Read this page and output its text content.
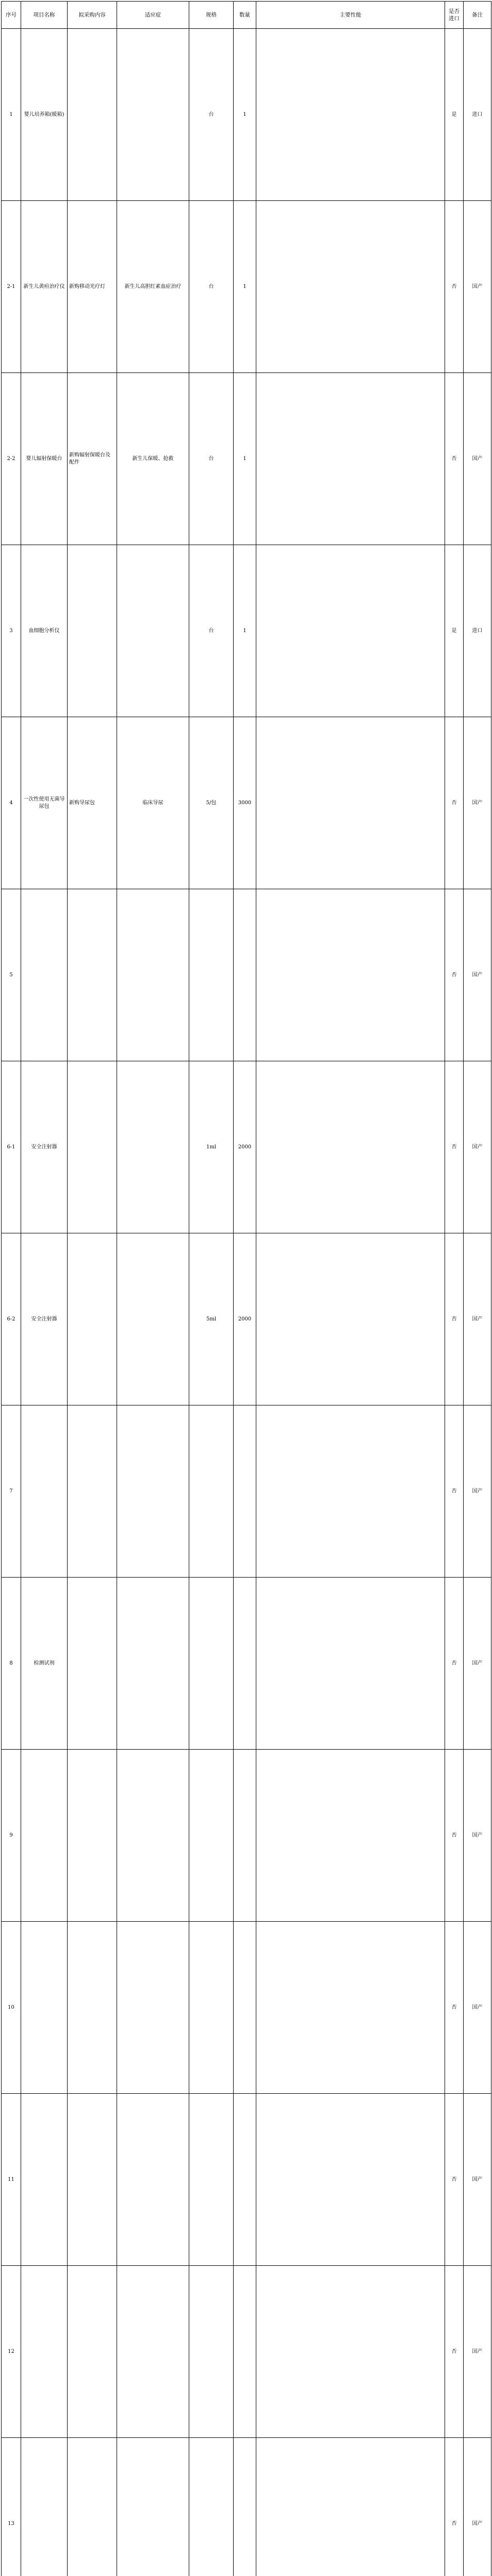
序号	项目名称	拟采购内容	适应症	规格	数量	主要性能	是否进口	备注
1	婴儿培养箱(暖箱)			台	1		是	进口
2-1	新生儿黄疸治疗仪	新购移动光疗灯	新生儿高胆红素血症治疗	台	1		否	国产
2-2	婴儿辐射保暖台	新购辐射保暖台及配件	新生儿保暖、抢救	台	1		否	国产
3	血细胞分析仪			台	1		是	进口
4	一次性使用无菌导尿包	新购导尿包	临床导尿	5/包	3000		否	国产
5							否	国产
6-1	安全注射器			1ml	2000		否	国产
6-2	安全注射器			5ml	2000		否	国产
7							否	国产
8	检测试剂						否	国产
9							否	国产
10							否	国产
11							否	国产
12							否	国产
13							否	国产
